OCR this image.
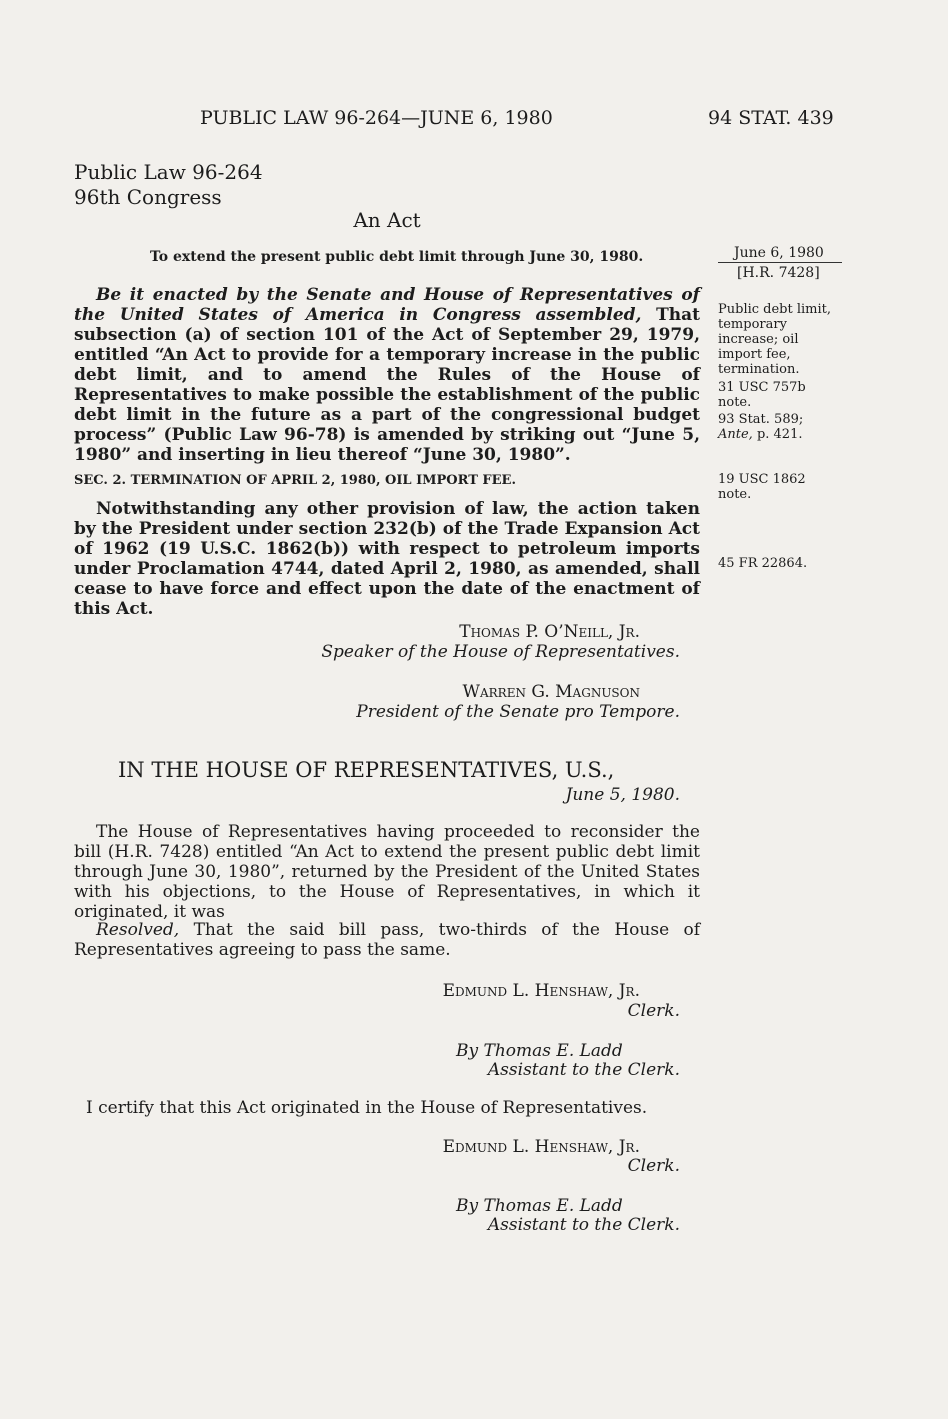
PUBLIC LAW 96-264—JUNE 6, 1980	94 STAT. 439
Public Law 96-264
96th Congress
An Act
To extend the present public debt limit through June 30, 1980.	June 6, 1980
[H.R. 7428]
Public debt limit, temporary increase; oil import fee, termination.
31 USC 757b note.
93 Stat. 589;
Ante, p. 421.
19 USC 1862 note.
45 FR 22864.
Be it enacted by the Senate and House of Representatives of the United States of America in Congress assembled, That subsection (a) of section 101 of the Act of September 29, 1979, entitled “An Act to provide for a temporary increase in the public debt limit, and to amend the Rules of the House of Representatives to make possible the establishment of the public debt limit in the future as a part of the congressional budget process” (Public Law 96-78) is amended by striking out “June 5, 1980” and inserting in lieu thereof “June 30, 1980”.
SEC. 2. TERMINATION OF APRIL 2, 1980, OIL IMPORT FEE.
Notwithstanding any other provision of law, the action taken by the President under section 232(b) of the Trade Expansion Act of 1962 (19 U.S.C. 1862(b)) with respect to petroleum imports under Proclamation 4744, dated April 2, 1980, as amended, shall cease to have force and effect upon the date of the enactment of this Act.
Thomas P. O’Neill, Jr.
Speaker of the House of Representatives.
Warren G. Magnuson
President of the Senate pro Tempore.
IN THE HOUSE OF REPRESENTATIVES, U.S.,
June 5, 1980.
The House of Representatives having proceeded to reconsider the bill (H.R. 7428) entitled “An Act to extend the present public debt limit through June 30, 1980”, returned by the President of the United States with his objections, to the House of Representatives, in which it originated, it was
Resolved, That the said bill pass, two-thirds of the House of Representatives agreeing to pass the same.
Edmund L. Henshaw, Jr.
Clerk.
By Thomas E. Ladd
Assistant to the Clerk.
I certify that this Act originated in the House of Representatives.
Edmund L. Henshaw, Jr.
Clerk.
By Thomas E. Ladd
Assistant to the Clerk.
